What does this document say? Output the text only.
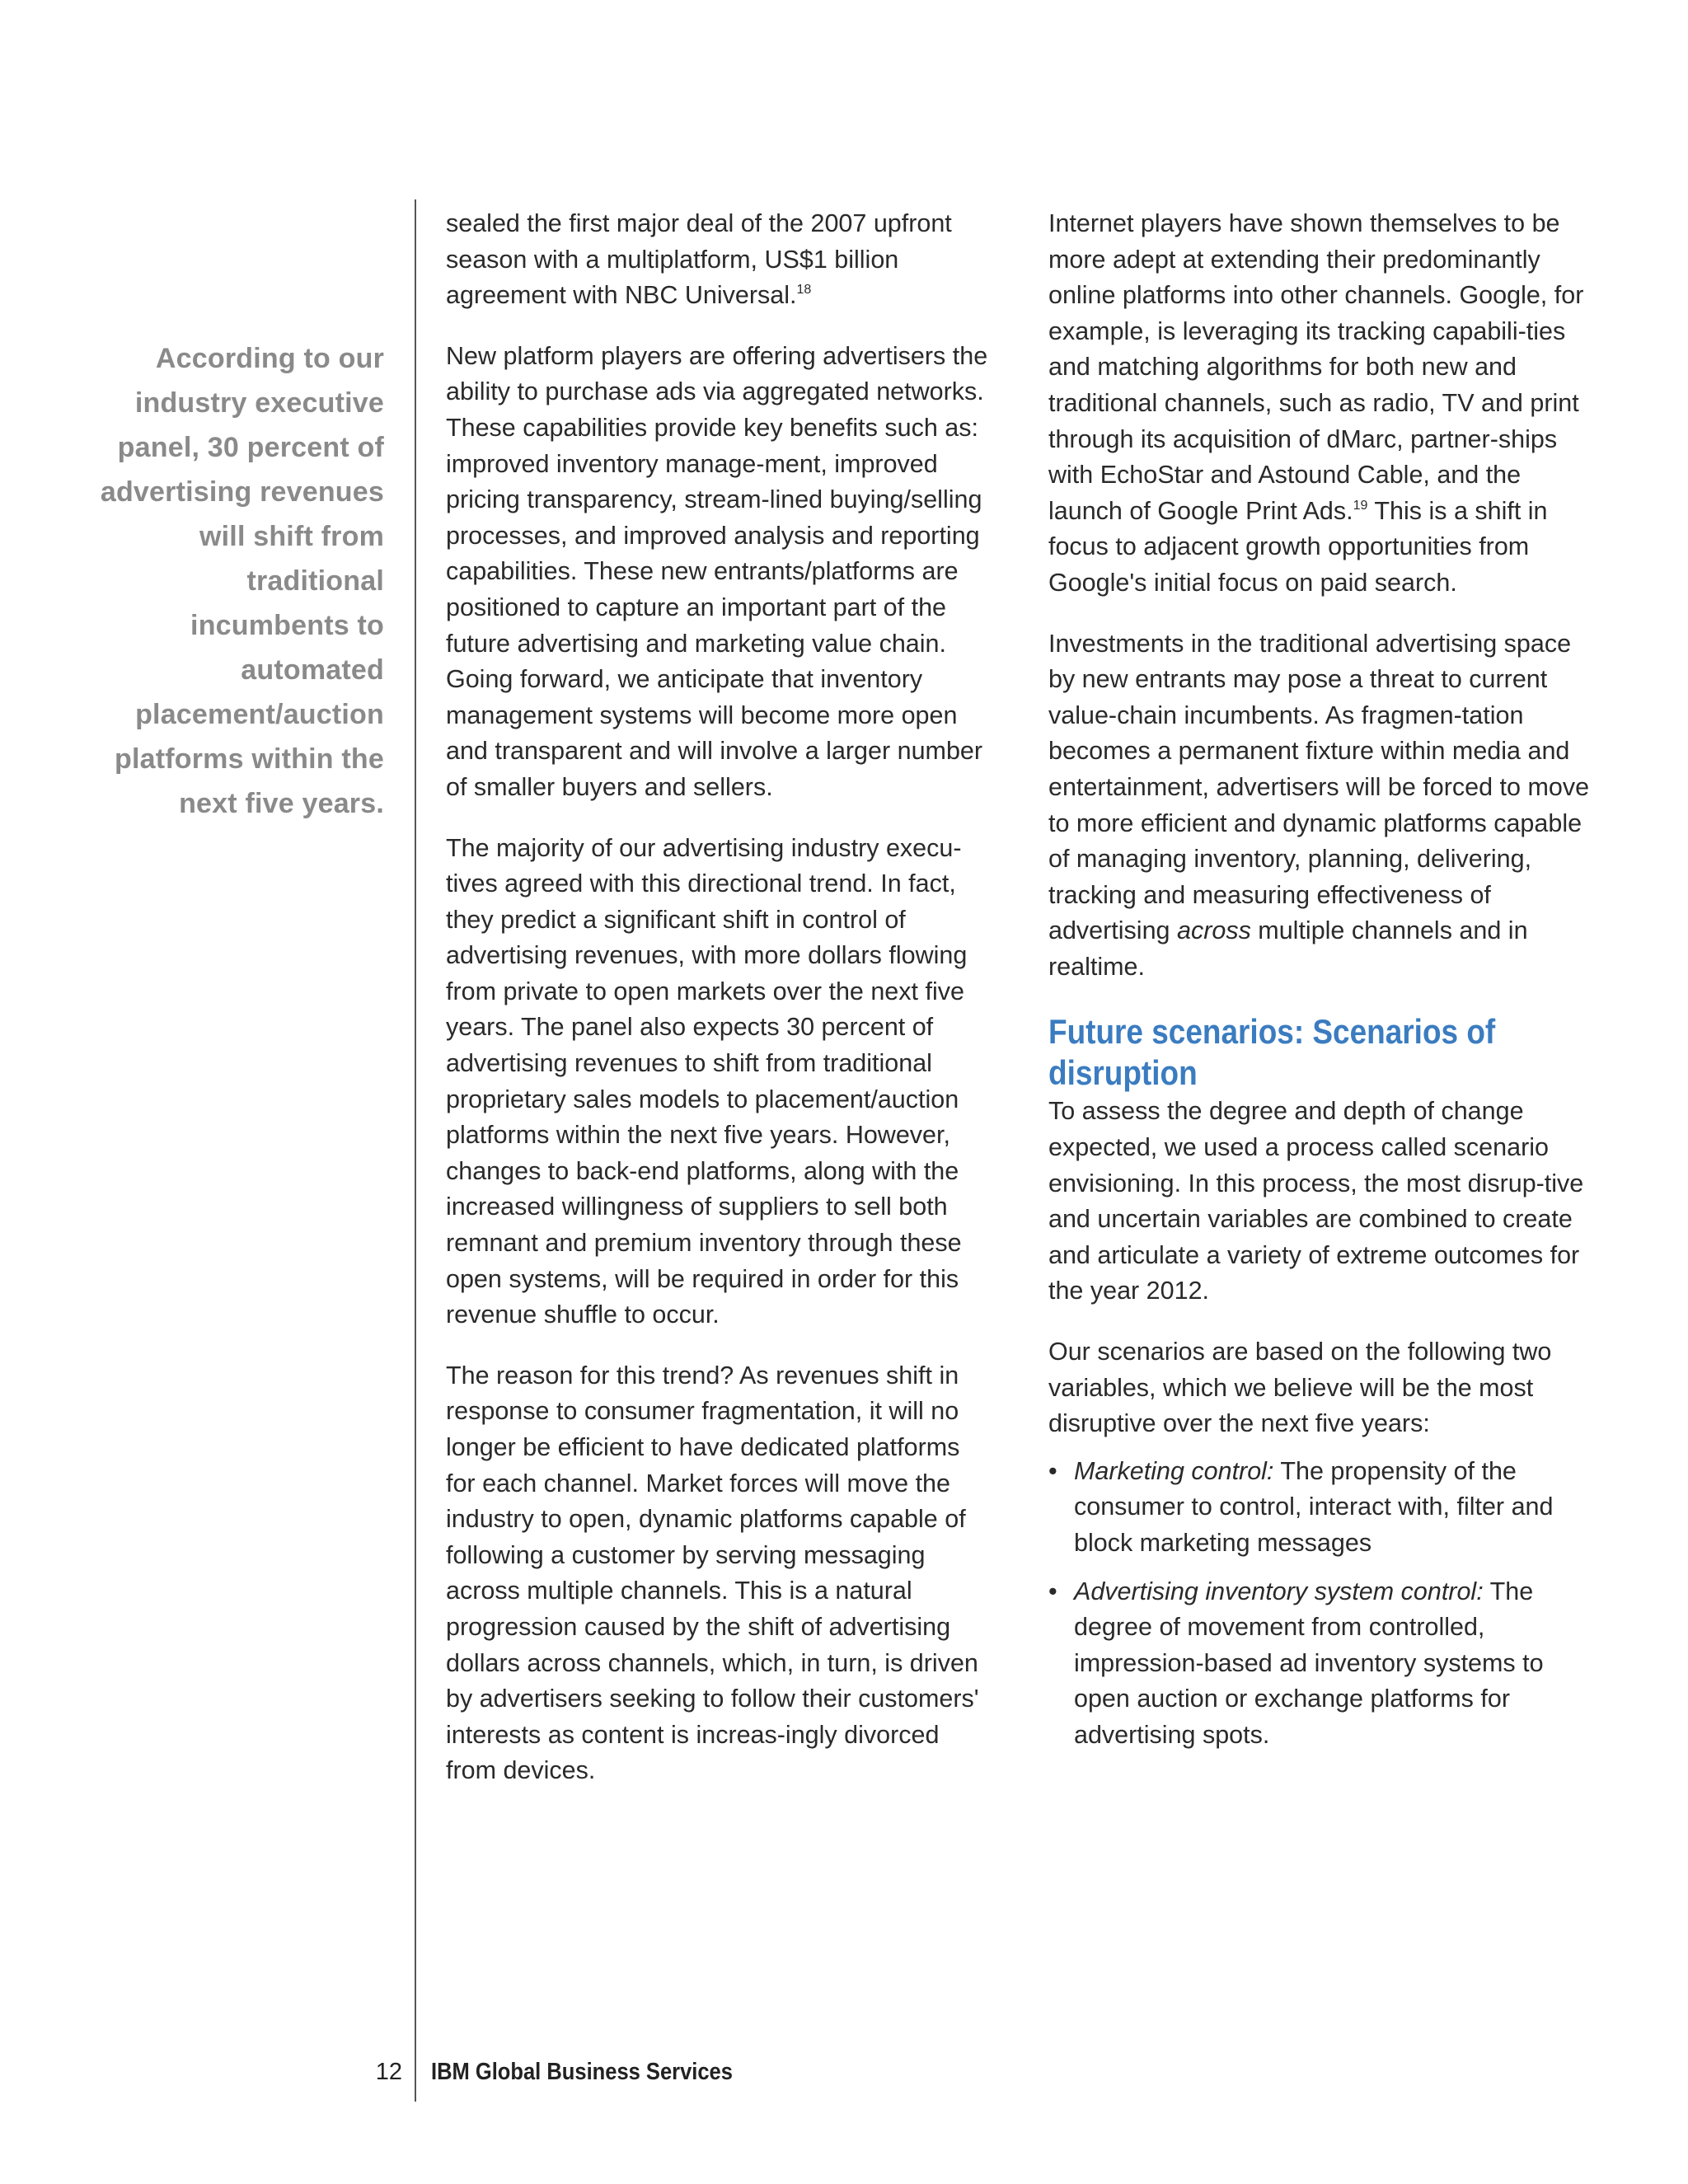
According to our industry executive panel, 30 percent of advertising revenues will shift from traditional incumbents to automated placement/auction platforms within the next five years.

sealed the first major deal of the 2007 upfront season with a multiplatform, US$1 billion agreement with NBC Universal.$^{18}$

New platform players are offering advertisers the ability to purchase ads via aggregated networks. These capabilities provide key benefits such as: improved inventory manage-ment, improved pricing transparency, stream-lined buying/selling processes, and improved analysis and reporting capabilities. These new entrants/platforms are positioned to capture an important part of the future advertising and marketing value chain. Going forward, we anticipate that inventory management systems will become more open and transparent and will involve a larger number of smaller buyers and sellers.

The majority of our advertising industry execu-tives agreed with this directional trend. In fact, they predict a significant shift in control of advertising revenues, with more dollars flowing from private to open markets over the next five years. The panel also expects 30 percent of advertising revenues to shift from traditional proprietary sales models to placement/auction platforms within the next five years. However, changes to back-end platforms, along with the increased willingness of suppliers to sell both remnant and premium inventory through these open systems, will be required in order for this revenue shuffle to occur.

The reason for this trend? As revenues shift in response to consumer fragmentation, it will no longer be efficient to have dedicated platforms for each channel. Market forces will move the industry to open, dynamic platforms capable of following a customer by serving messaging across multiple channels. This is a natural progression caused by the shift of advertising dollars across channels, which, in turn, is driven by advertisers seeking to follow their customers' interests as content is increas-ingly divorced from devices.

Internet players have shown themselves to be more adept at extending their predominantly online platforms into other channels. Google, for example, is leveraging its tracking capabili-ties and matching algorithms for both new and traditional channels, such as radio, TV and print through its acquisition of dMarc, partner-ships with EchoStar and Astound Cable, and the launch of Google Print Ads.$^{19}$ This is a shift in focus to adjacent growth opportunities from Google's initial focus on paid search.

Investments in the traditional advertising space by new entrants may pose a threat to current value-chain incumbents. As fragmen-tation becomes a permanent fixture within media and entertainment, advertisers will be forced to move to more efficient and dynamic platforms capable of managing inventory, planning, delivering, tracking and measuring effectiveness of advertising across multiple channels and in realtime.

Future scenarios: Scenarios of disruption

To assess the degree and depth of change expected, we used a process called scenario envisioning. In this process, the most disrup-tive and uncertain variables are combined to create and articulate a variety of extreme outcomes for the year 2012.

Our scenarios are based on the following two variables, which we believe will be the most disruptive over the next five years:

• Marketing control: The propensity of the consumer to control, interact with, filter and block marketing messages
• Advertising inventory system control: The degree of movement from controlled, impression-based ad inventory systems to open auction or exchange platforms for advertising spots.
12 IBM Global Business Services
